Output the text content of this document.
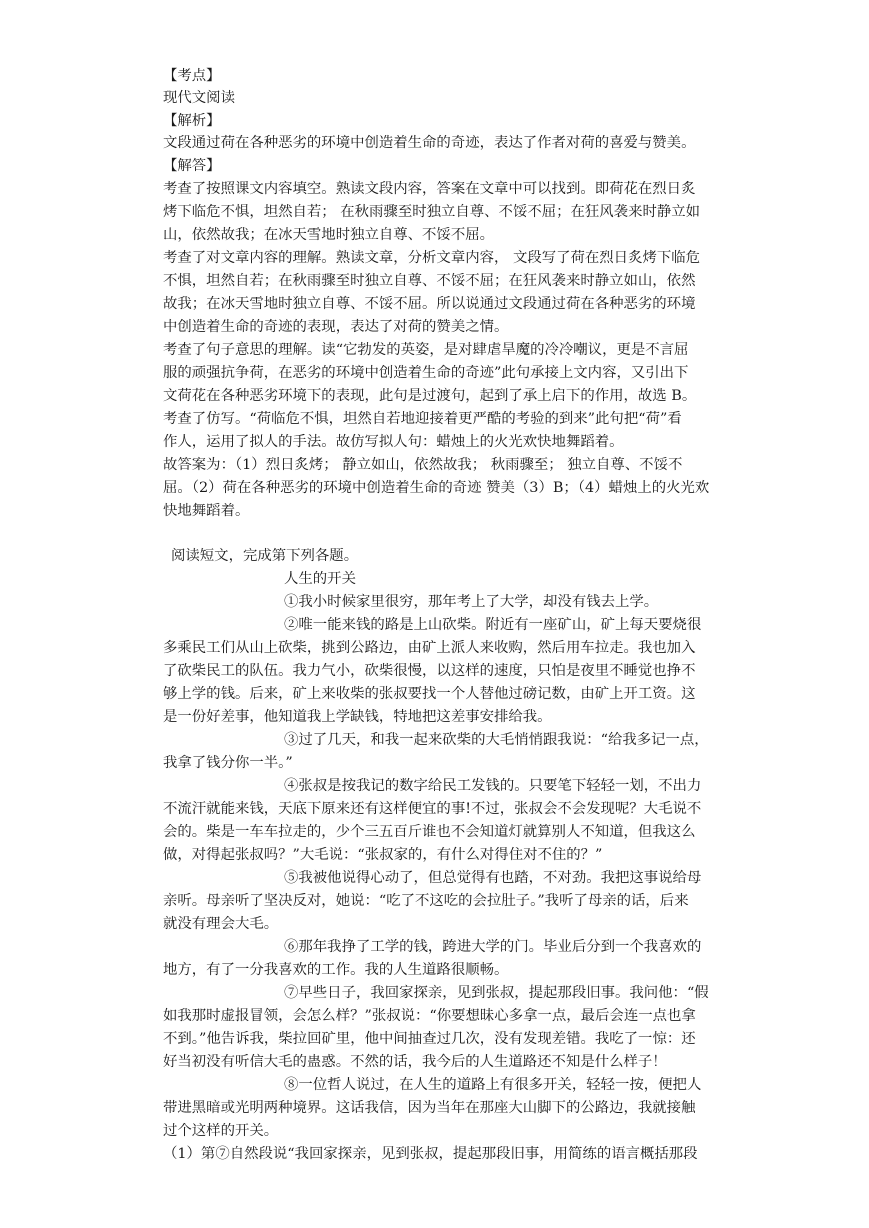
【考点】
现代文阅读
【解析】
文段通过荷在各种恶劣的环境中创造着生命的奇迹，表达了作者对荷的喜爱与赞美。
【解答】
考查了按照课文内容填空。熟读文段内容，答案在文章中可以找到。即荷花在烈日炙
烤下临危不惧，坦然自若； 在秋雨骤至时独立自尊、不馁不屈；在狂风袭来时静立如
山，依然故我；在冰天雪地时独立自尊、不馁不屈。
考查了对文章内容的理解。熟读文章，分析文章内容， 文段写了荷在烈日炙烤下临危
不惧，坦然自若；在秋雨骤至时独立自尊、不馁不屈；在狂风袭来时静立如山，依然
故我；在冰天雪地时独立自尊、不馁不屈。所以说通过文段通过荷在各种恶劣的环境
中创造着生命的奇迹的表现，表达了对荷的赞美之情。
考查了句子意思的理解。读“它勃发的英姿，是对肆虐旱魔的冷冷嘲议，更是不言屈
服的顽强抗争荷，在恶劣的环境中创造着生命的奇迹”此句承接上文内容，又引出下
文荷花在各种恶劣环境下的表现，此句是过渡句，起到了承上启下的作用，故选 B。
考查了仿写。“荷临危不惧，坦然自若地迎接着更严酷的考验的到来”此句把“荷”看
作人，运用了拟人的手法。故仿写拟人句：蜡烛上的火光欢快地舞蹈着。
故答案为：（1）烈日炙烤； 静立如山，依然故我； 秋雨骤至； 独立自尊、不馁不
屈。（2）荷在各种恶劣的环境中创造着生命的奇迹 赞美（3）B；（4）蜡烛上的火光欢
快地舞蹈着。
阅读短文，完成第下列各题。
人生的开关
①我小时候家里很穷，那年考上了大学，却没有钱去上学。
②唯一能来钱的路是上山砍柴。附近有一座矿山，矿上每天要烧很
多乘民工们从山上砍柴，挑到公路边，由矿上派人来收购，然后用车拉走。我也加入
了砍柴民工的队伍。我力气小，砍柴很慢，以这样的速度，只怕是夜里不睡觉也挣不
够上学的钱。后来，矿上来收柴的张叔要找一个人替他过磅记数，由矿上开工资。这
是一份好差事，他知道我上学缺钱，特地把这差事安排给我。
③过了几天，和我一起来砍柴的大毛悄悄跟我说：“给我多记一点，
我拿了钱分你一半。”
④张叔是按我记的数字给民工发钱的。只要笔下轻轻一划，不出力
不流汗就能来钱，天底下原来还有这样便宜的事!不过，张叔会不会发现呢？大毛说不
会的。柴是一车车拉走的，少个三五百斤谁也不会知道灯就算别人不知道，但我这么
做，对得起张叔吗？”大毛说：“张叔家的，有什么对得住对不住的？”
⑤我被他说得心动了，但总觉得有也踏，不对劲。我把这事说给母
亲听。母亲听了坚决反对，她说：“吃了不这吃的会拉肚子。”我听了母亲的话，后来
就没有理会大毛。
⑥那年我挣了工学的钱，跨进大学的门。毕业后分到一个我喜欢的
地方，有了一分我喜欢的工作。我的人生道路很顺畅。
⑦早些日子，我回家探亲，见到张叔，提起那段旧事。我问他：“假
如我那时虚报冒领，会怎么样？”张叔说：“你要想昧心多拿一点，最后会连一点也拿
不到。”他告诉我，柴拉回矿里，他中间抽查过几次，没有发现差错。我吃了一惊：还
好当初没有听信大毛的蛊惑。不然的话，我今后的人生道路还不知是什么样子！
⑧一位哲人说过，在人生的道路上有很多开关，轻轻一按，便把人
带进黑暗或光明两种境界。这话我信，因为当年在那座大山脚下的公路边，我就接触
过个这样的开关。
（1）第⑦自然段说“我回家探亲，见到张叔，提起那段旧事，用简练的语言概括那段
